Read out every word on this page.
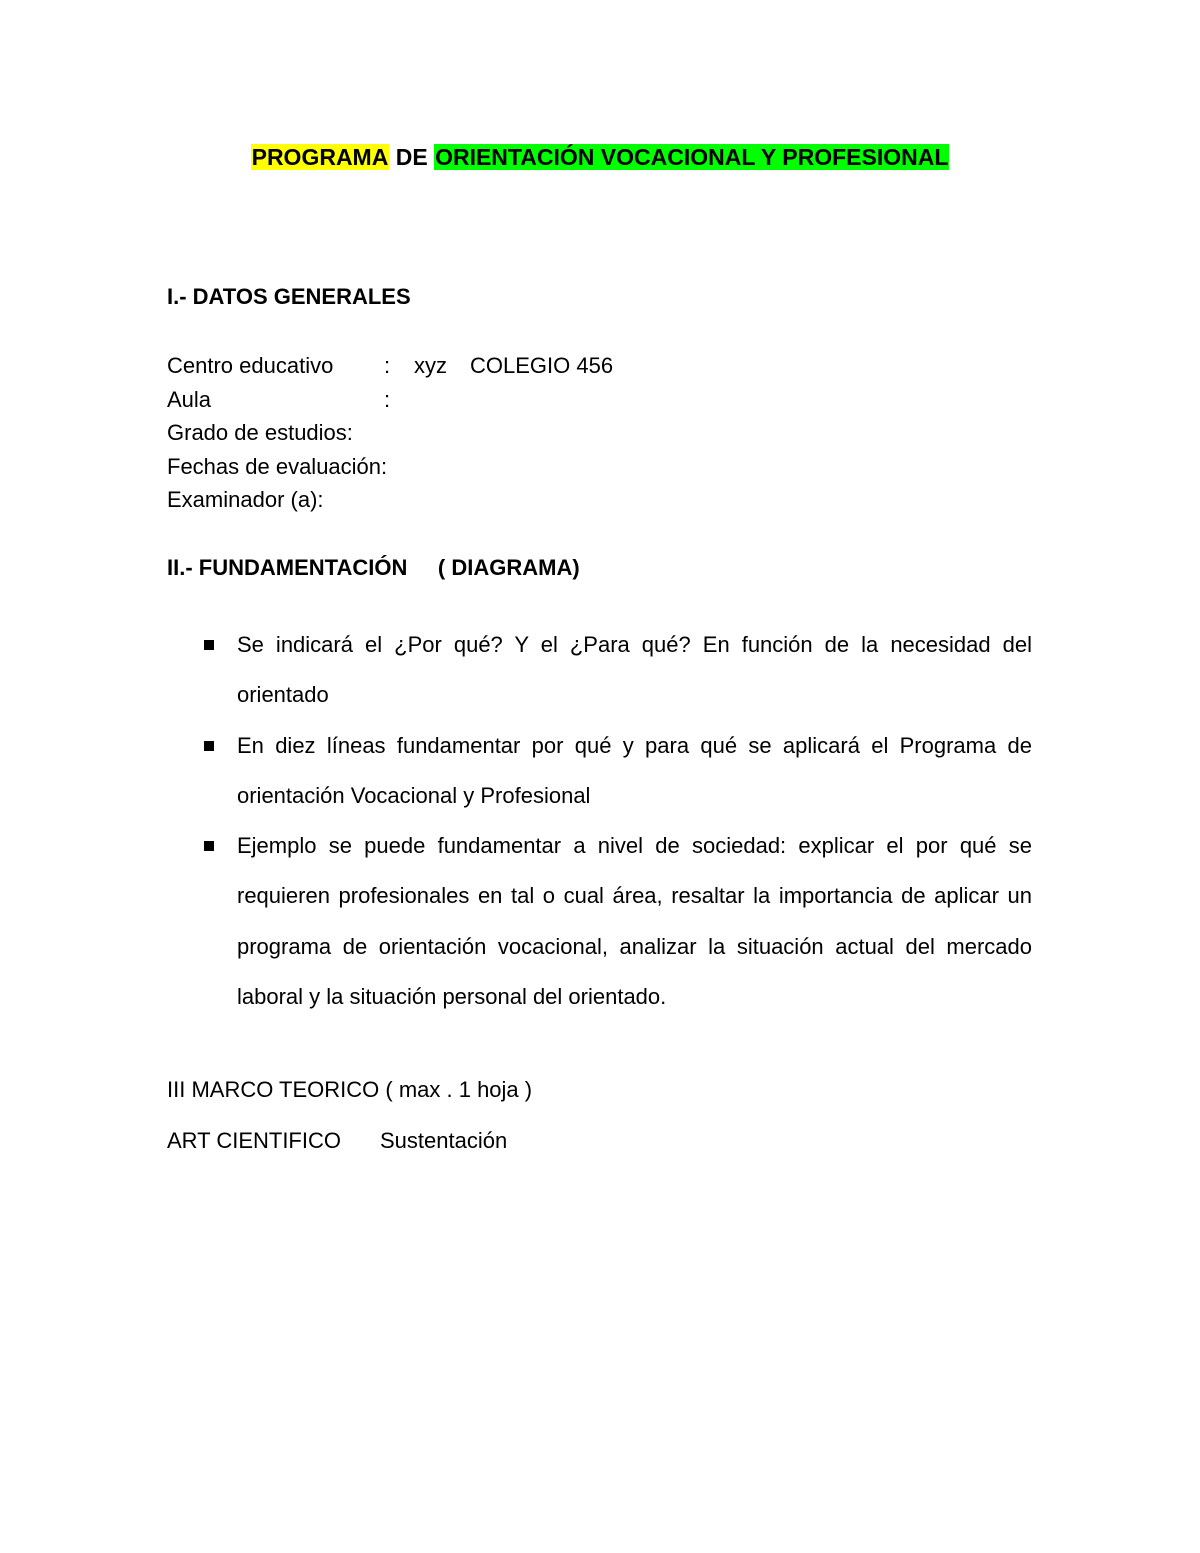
PROGRAMA DE ORIENTACIÓN VOCACIONAL Y PROFESIONAL
I.- DATOS GENERALES
Centro educativo : xyz COLEGIO 456
Aula	:
Grado de estudios:
Fechas de evaluación:
Examinador (a):
II.- FUNDAMENTACIÓN     ( DIAGRAMA)
Se indicará el ¿Por qué? Y el ¿Para qué? En función de la necesidad del orientado
En diez líneas fundamentar por qué y para qué se aplicará el Programa de orientación Vocacional y Profesional
Ejemplo se puede fundamentar a nivel de sociedad: explicar el por qué se requieren profesionales en tal o cual área, resaltar la importancia de aplicar un programa de orientación vocacional, analizar la situación actual del mercado laboral y la situación personal del orientado.
III MARCO TEORICO ( max . 1 hoja )
ART CIENTIFICO Sustentación
